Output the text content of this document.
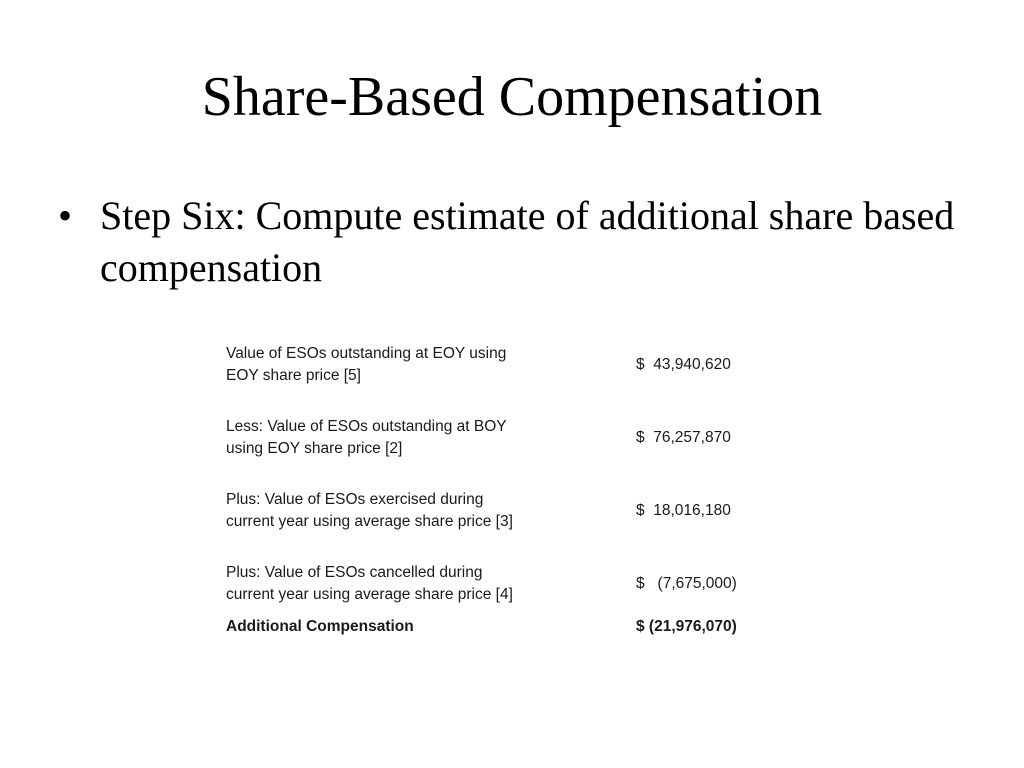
Share-Based Compensation
• Step Six: Compute estimate of additional share based compensation
Value of ESOs outstanding at EOY using
EOY share price [5]
$  43,940,620
Less: Value of ESOs outstanding at BOY
using EOY share price [2]
$  76,257,870
Plus: Value of ESOs exercised during
current year using average share price [3]
$  18,016,180
Plus: Value of ESOs cancelled during
current year using average share price [4]
$   (7,675,000)
Additional Compensation	$ (21,976,070)
